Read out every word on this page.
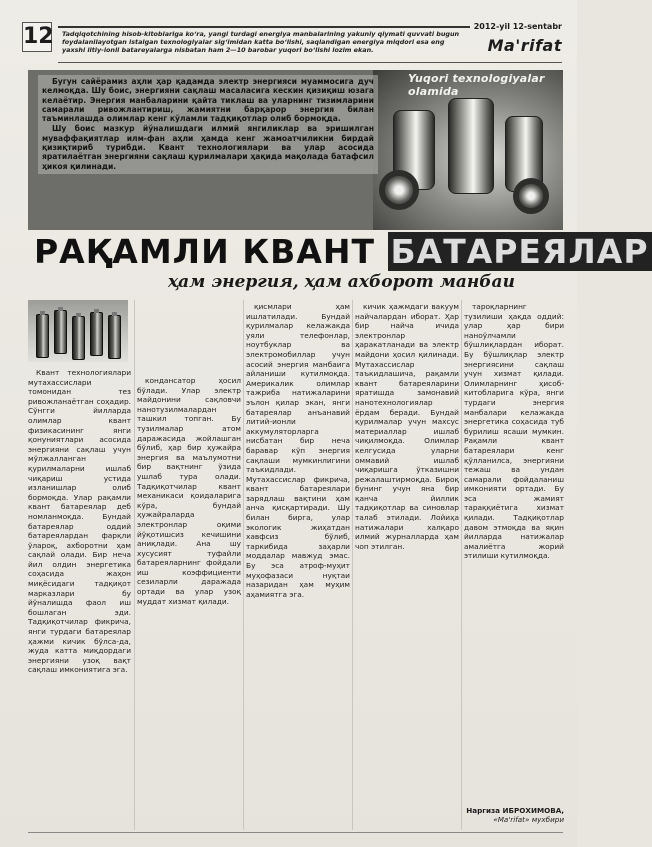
12 Tadqiqotchining hisob-kitoblariga ko‘ra, yangi turdagi energiya manbalarining yakuniy qiymati quvvati bugun foydalanilayotgan istalgan texnologiyalar sig‘imidan katta bo‘lishi, saqlandigan energiya miqdori esa eng yaxshi litiy-ionli batareyalarga nisbatan ham 2—10 barobar yuqori bo‘lishi lozim ekan.
2012-yil 12-sentabr
Ma'rifat

Бугун сайёрамиз аҳли ҳар қадамда электр энергияси муаммосига дуч келмоқда. Шу боис, энергияни сақлаш масаласига кескин қизиқиш юзага келаётир. Энергия манбаларини қайта тиклаш ва уларнинг тизимларини самарали ривожлантириш, жамиятни барқарор энергия билан таъминлашда олимлар кенг кўламли тадқиқотлар олиб бормоқда.

Шу боис мазкур йўналишдаги илмий янгиликлар ва эришилган муваффақиятлар илм-фан аҳли ҳамда кенг жамоатчиликни бирдай қизиқтириб турибди. Квант технологиялари ва улар асосида яратилаётган энергияни сақлаш қурилмалари ҳақида мақолада батафсил ҳикоя қилинади.

Yuqori texnologiyalar olamida
РАҚАМЛИ КВАНТ БАТАРЕЯЛАР
ҳам энергия, ҳам ахборот манбаи

Квант технологиялари мутахассислари томонидан тез ривожланаётган соҳадир. Сўнгги йилларда олимлар квант физикасининг янги қонуниятлари асосида энергияни сақлаш учун мўлжалланган қурилмаларни ишлаб чиқариш устида изланишлар олиб бормоқда. Улар рақамли квант батареялар деб номланмоқда. Бундай батареялар оддий батареялардан фарқли ўлароқ, ахборотни ҳам сақлай олади. Бир неча йил олдин энергетика соҳасида жаҳон миқёсидаги тадқиқот марказлари бу йўналишда фаол иш бошлаган эди. Тадқиқотчилар фикрича, янги турдаги батареялар ҳажми кичик бўлса-да, жуда катта миқдордаги энергияни узоқ вақт сақлаш имкониятига эга.

кондансатор ҳосил бўлади. Улар электр майдонини сақловчи нанотузилмалардан ташкил топган. Бу тузилмалар атом даражасида жойлашган бўлиб, ҳар бир ҳужайра энергия ва маълумотни бир вақтнинг ўзида ушлаб тура олади. Тадқиқотчилар квант механикаси қоидаларига кўра, бундай ҳужайраларда электронлар оқими йўқотишсиз кечишини аниқлади. Ана шу хусусият туфайли батареяларнинг фойдали иш коэффициенти сезиларли даражада ортади ва улар узоқ муддат хизмат қилади.

қисмлари ҳам ишлатилади. Бундай қурилмалар келажакда уяли телефонлар, ноутбуклар ва электромобиллар учун асосий энергия манбаига айланиши кутилмоқда. Америкалик олимлар тажриба натижаларини эълон қилар экан, янги батареялар анъанавий литий-ионли аккумуляторларга нисбатан бир неча баравар кўп энергия сақлаши мумкинлигини таъкидлади. Мутахассислар фикрича, квант батареялари зарядлаш вақтини ҳам анча қисқартиради. Шу билан бирга, улар экологик жиҳатдан хавфсиз бўлиб, таркибида заҳарли моддалар мавжуд эмас. Бу эса атроф-муҳит муҳофазаси нуқтаи назаридан ҳам муҳим аҳамиятга эга.

кичик ҳажмдаги вакуум найчалардан иборат. Ҳар бир найча ичида электронлар ҳаракатланади ва электр майдони ҳосил қилинади. Мутахассислар таъкидлашича, рақамли квант батареяларини яратишда замонавий нанотехнологиялар ёрдам беради. Бундай қурилмалар учун махсус материаллар ишлаб чиқилмоқда. Олимлар келгусида уларни оммавий ишлаб чиқаришга ўтказишни режалаштирмоқда. Бироқ бунинг учун яна бир қанча йиллик тадқиқотлар ва синовлар талаб этилади. Лойиҳа натижалари халқаро илмий журналларда ҳам чоп этилган.

тароқларнинг тузилиши ҳақда оддий: улар ҳар бири наноўлчамли бўшлиқлардан иборат. Бу бўшлиқлар электр энергиясини сақлаш учун хизмат қилади. Олимларнинг ҳисоб-китобларига кўра, янги турдаги энергия манбалари келажакда энергетика соҳасида туб бурилиш ясаши мумкин. Рақамли квант батареялари кенг қўлланилса, энергияни тежаш ва ундан самарали фойдаланиш имконияти ортади. Бу эса жамият тараққиётига хизмат қилади. Тадқиқотлар давом этмоқда ва яқин йилларда натижалар амалиётга жорий этилиши кутилмоқда.

Наргиза ИБРОХИМОВА,
«Ma'rifat» мухбири
